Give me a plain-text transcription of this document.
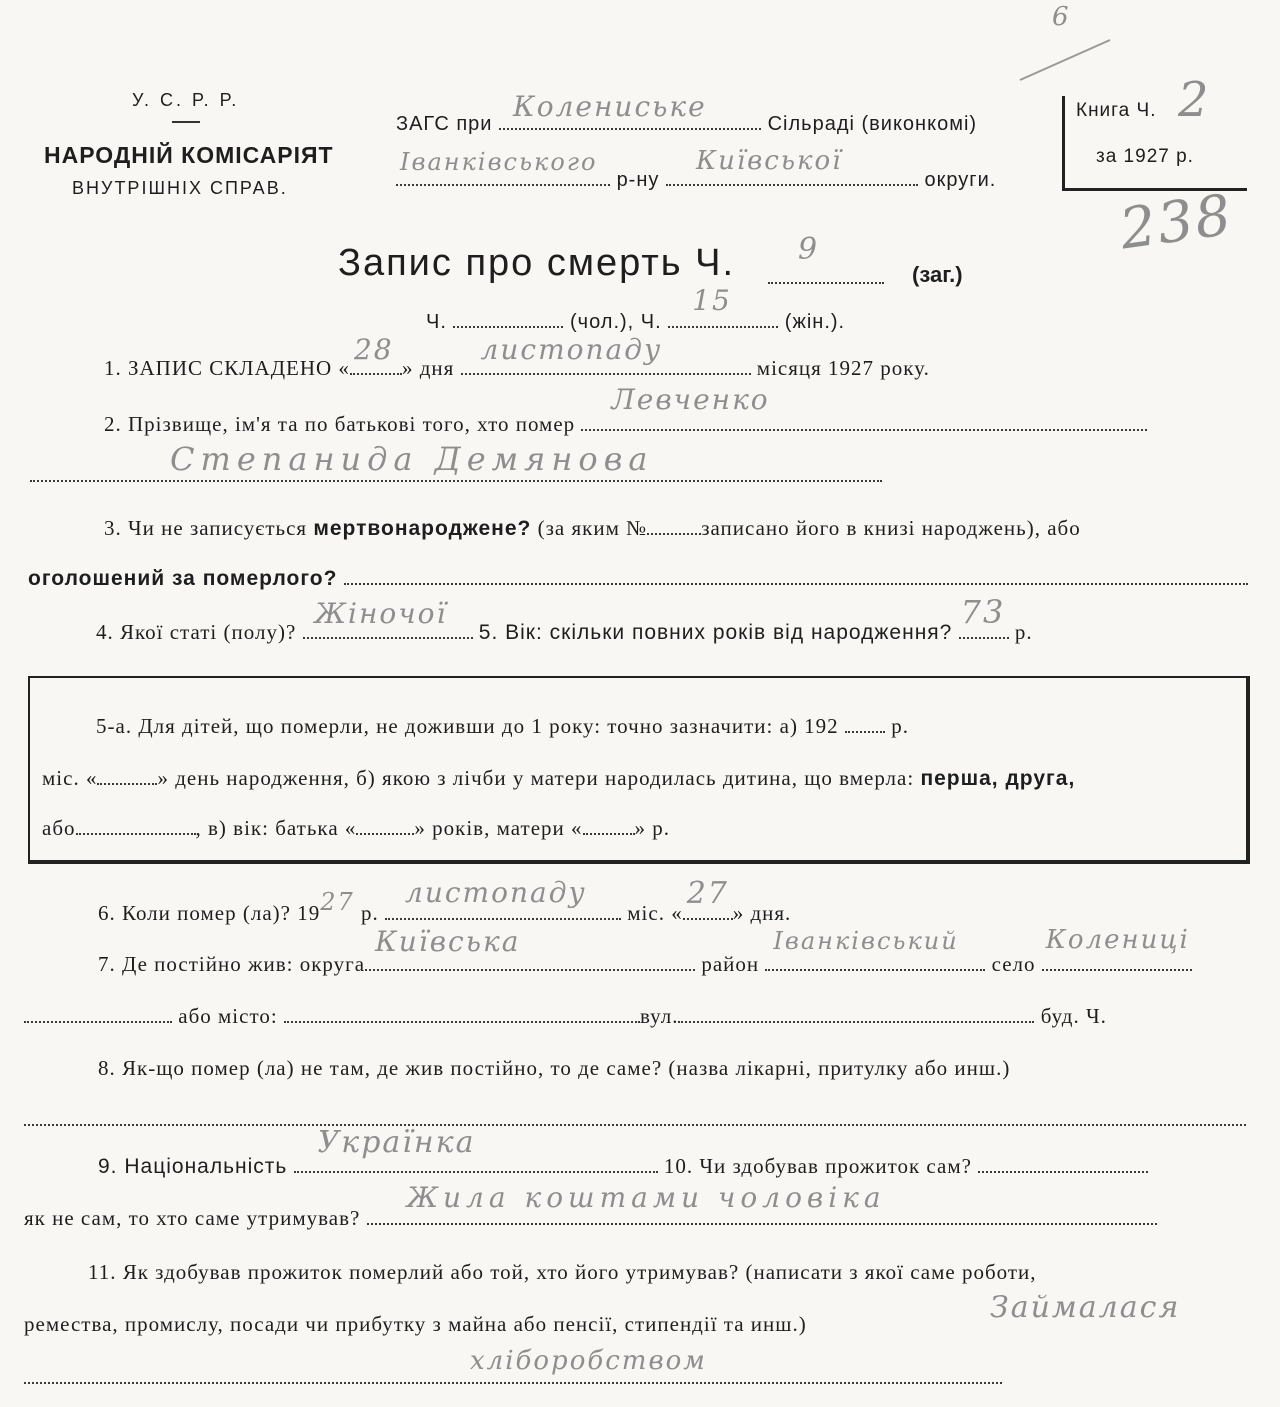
6
238
У. С. Р. Р.
НАРОДНІЙ КОМІСАРІЯТ
ВНУТРІШНІХ СПРАВ.
ЗАГС при
Колениське
Сільраді (виконкомі)
Іванківського
р-ну
Київської
округи.
Книга Ч. 2
за 1927 р.
Запис про смерть Ч. 9
(заг.)
Ч.	(чол.), Ч.
15
(жін.).
1. ЗАПИС СКЛАДЕНО «
28
» дня
листопаду
місяця 1927 року.
2. Прізвище, ім'я та по батькові того, хто помер
Левченко
Степанида Демянова
3. Чи не записується мертвонароджене? (за яким №	записано його в книзі народжень), або
оголошений за померлого?
4. Якої статі (полу)?
Жіночої
5. Вік: скільки повних років від народження?
73
р.
5-а. Для дітей, що померли, не доживши до 1 року: точно зазначити: а) 192	р.
міс. «	» день народження, б) якою з лічби у матери народилась дитина, що вмерла: перша, друга,
або	, в) вік: батька «	» років, матери « » р.
6. Коли помер (ла)? 1927 р.
листопаду
міс. «
27
» дня.
7. Де постійно жив: округа
Київська
район
Іванківський
село
Колениці
або місто:	вул.	буд. Ч.
8. Як-що помер (ла) не там, де жив постійно, то де саме? (назва лікарні, притулку або инш.)
9. Національність
Українка
10. Чи здобував прожиток сам?
як не сам, то хто саме утримував?
Жила коштами чоловіка
11. Як здобував прожиток померлий або той, хто його утримував? (написати з якої саме роботи,
ремества, промислу, посади чи прибутку з майна або пенсії, стипендії та инш.)	Займалася
хліборобством
